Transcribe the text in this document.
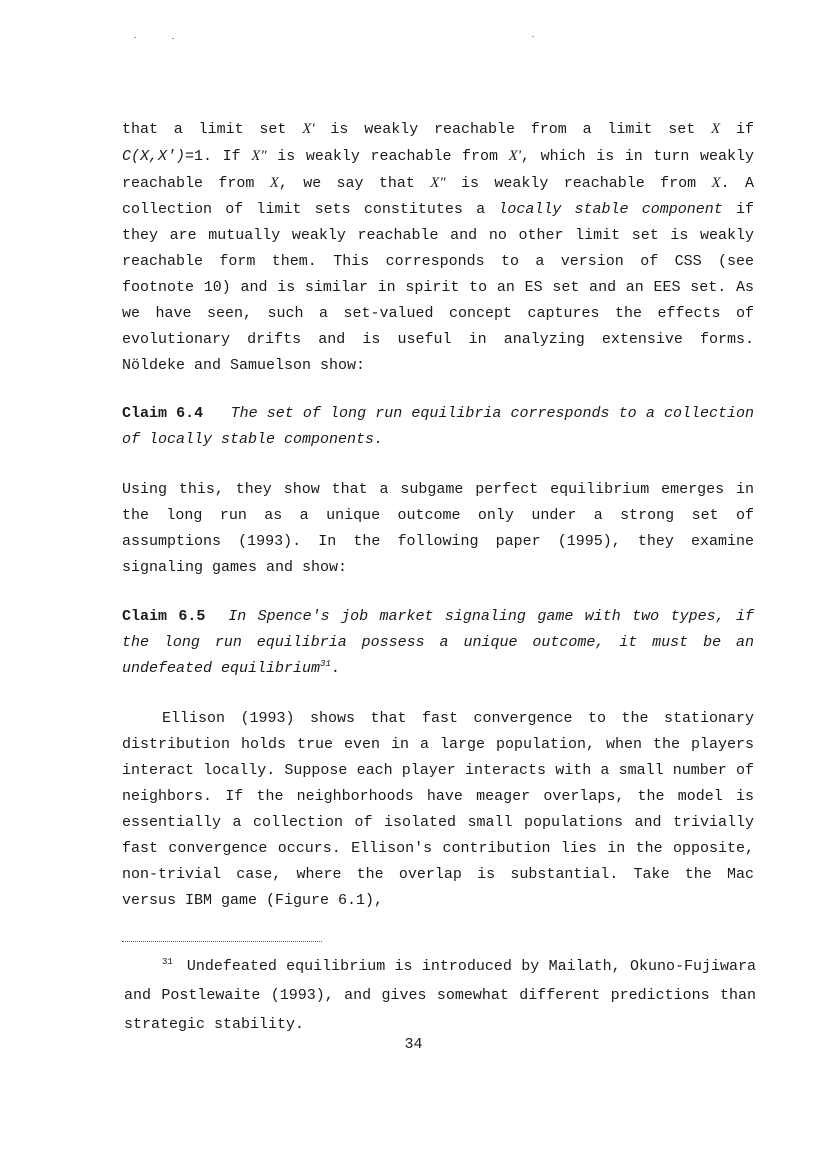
that a limit set X' is weakly reachable from a limit set X if C(X,X')=1. If X" is weakly reachable from X', which is in turn weakly reachable from X, we say that X" is weakly reachable from X. A collection of limit sets constitutes a locally stable component if they are mutually weakly reachable and no other limit set is weakly reachable form them. This corresponds to a version of CSS (see footnote 10) and is similar in spirit to an ES set and an EES set. As we have seen, such a set-valued concept captures the effects of evolutionary drifts and is useful in analyzing extensive forms. Nöldeke and Samuelson show:
Claim 6.4 The set of long run equilibria corresponds to a collection of locally stable components.
Using this, they show that a subgame perfect equilibrium emerges in the long run as a unique outcome only under a strong set of assumptions (1993). In the following paper (1995), they examine signaling games and show:
Claim 6.5 In Spence's job market signaling game with two types, if the long run equilibria possess a unique outcome, it must be an undefeated equilibrium$^{31}$.
Ellison (1993) shows that fast convergence to the stationary distribution holds true even in a large population, when the players interact locally. Suppose each player interacts with a small number of neighbors. If the neighborhoods have meager overlaps, the model is essentially a collection of isolated small populations and trivially fast convergence occurs. Ellison's contribution lies in the opposite, non-trivial case, where the overlap is substantial. Take the Mac versus IBM game (Figure 6.1),
$^{31}$ Undefeated equilibrium is introduced by Mailath, Okuno-Fujiwara and Postlewaite (1993), and gives somewhat different predictions than strategic stability.
34
